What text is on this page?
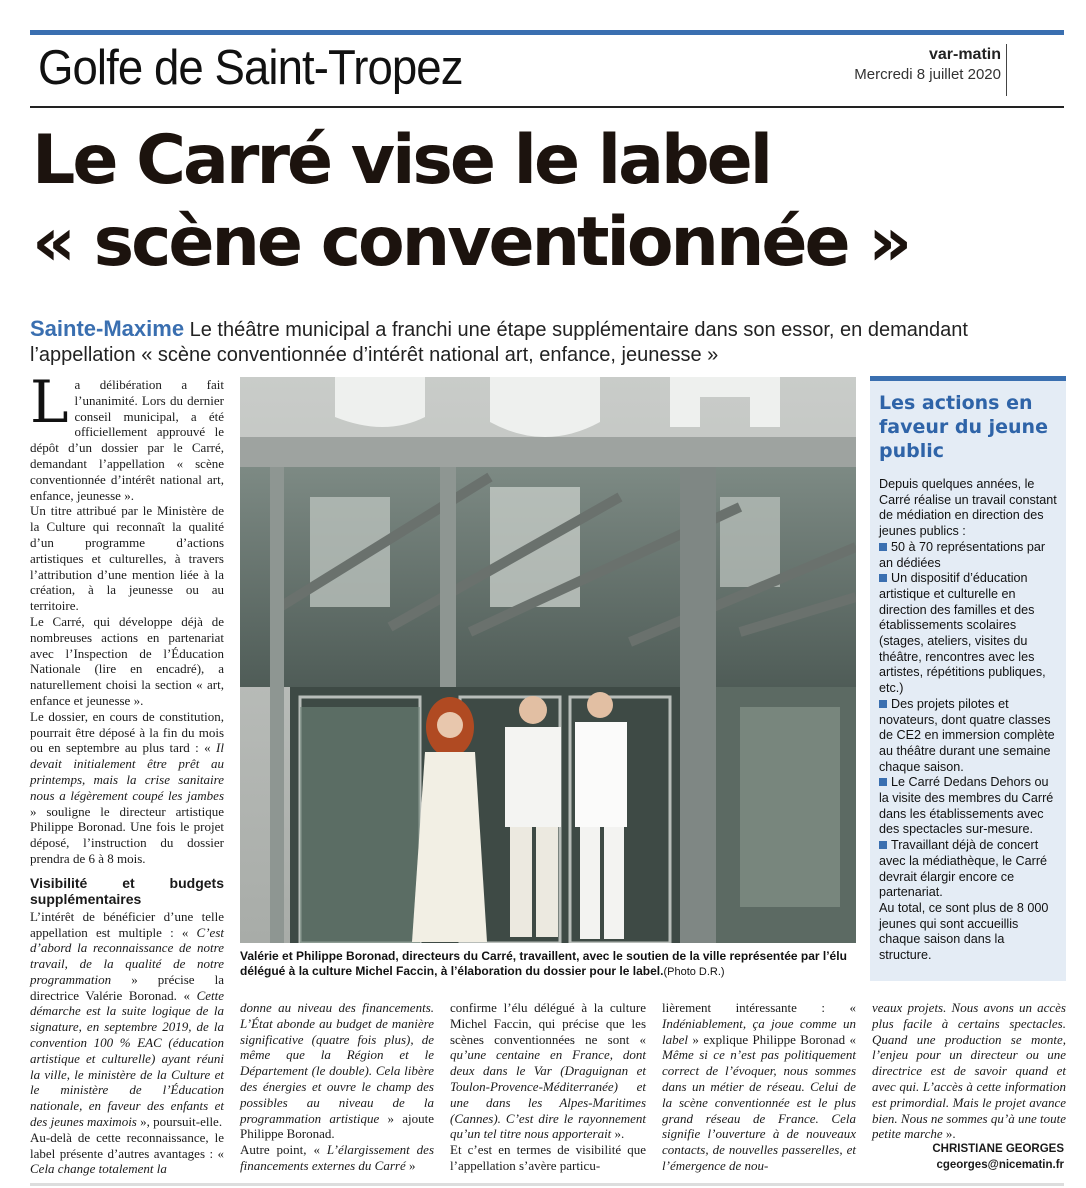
Golfe de Saint-Tropez	var-matin
Mercredi 8 juillet 2020
Le Carré vise le label
« scène conventionnée »
Sainte-Maxime Le théâtre municipal a franchi une étape supplémentaire dans son essor, en demandant l’appellation « scène conventionnée d’intérêt national art, enfance, jeunesse »

La délibération a fait l’unanimité. Lors du dernier conseil municipal, a été officiellement approuvé le dépôt d’un dossier par le Carré, demandant l’appellation « scène conventionnée d’intérêt national art, enfance, jeunesse ».

Un titre attribué par le Ministère de la Culture qui reconnaît la qualité d’un programme d’actions artistiques et culturelles, à travers l’attribution d’une mention liée à la création, à la jeunesse ou au territoire.

Le Carré, qui développe déjà de nombreuses actions en partenariat avec l’Inspection de l’Éducation Nationale (lire en encadré), a naturellement choisi la section « art, enfance et jeunesse ».

Le dossier, en cours de constitution, pourrait être déposé à la fin du mois ou en septembre au plus tard : « Il devait initialement être prêt au printemps, mais la crise sanitaire nous a légèrement coupé les jambes » souligne le directeur artistique Philippe Boronad. Une fois le projet déposé, l’instruction du dossier prendra de 6 à 8 mois.

Visibilité et budgets supplémentaires

L’intérêt de bénéficier d’une telle appellation est multiple : « C’est d’abord la reconnaissance de notre travail, de la qualité de notre programmation » précise la directrice Valérie Boronad. « Cette démarche est la suite logique de la signature, en septembre 2019, de la convention 100 % EAC (éducation artistique et culturelle) ayant réuni la ville, le ministère de la Culture et le ministère de l’Éducation nationale, en faveur des enfants et des jeunes maximois », poursuit-elle.

Au-delà de cette reconnaissance, le label présente d’autres avantages : « Cela change totalement la

Valérie et Philippe Boronad, directeurs du Carré, travaillent, avec le soutien de la ville représentée par l’élu délégué à la culture Michel Faccin, à l’élaboration du dossier pour le label.(Photo D.R.)
Les actions en faveur du jeune public

Depuis quelques années, le Carré réalise un travail constant de médiation en direction des jeunes publics :

50 à 70 représentations par an dédiées

Un dispositif d’éducation artistique et culturelle en direction des familles et des établissements scolaires (stages, ateliers, visites du théâtre, rencontres avec les artistes, répétitions publiques, etc.)

Des projets pilotes et novateurs, dont quatre classes de CE2 en immersion complète au théâtre durant une semaine chaque saison.

Le Carré Dedans Dehors ou la visite des membres du Carré dans les établissements avec des spectacles sur-mesure.

Travaillant déjà de concert avec la médiathèque, le Carré devrait élargir encore ce partenariat.

Au total, ce sont plus de 8 000 jeunes qui sont accueillis chaque saison dans la structure.

donne au niveau des financements. L’État abonde au budget de manière significative (quatre fois plus), de même que la Région et le Département (le double). Cela libère des énergies et ouvre le champ des possibles au niveau de la programmation artistique » ajoute Philippe Boronad.

Autre point, « L’élargissement des financements externes du Carré »

confirme l’élu délégué à la culture Michel Faccin, qui précise que les scènes conventionnées ne sont « qu’une centaine en France, dont deux dans le Var (Draguignan et Toulon-Provence-Méditerranée) et une dans les Alpes-Maritimes (Cannes). C’est dire le rayonnement qu’un tel titre nous apporterait ».

Et c’est en termes de visibilité que l’appellation s’avère particu-

lièrement intéressante : « Indéniablement, ça joue comme un label » explique Philippe Boronad « Même si ce n’est pas politiquement correct de l’évoquer, nous sommes dans un métier de réseau. Celui de la scène conventionnée est le plus grand réseau de France. Cela signifie l’ouverture à de nouveaux contacts, de nouvelles passerelles, et l’émergence de nou-

veaux projets. Nous avons un accès plus facile à certains spectacles. Quand une production se monte, l’enjeu pour un directeur ou une directrice est de savoir quand et avec qui. L’accès à cette information est primordial. Mais le projet avance bien. Nous ne sommes qu’à une toute petite marche ».

CHRISTIANE GEORGES
cgeorges@nicematin.fr
